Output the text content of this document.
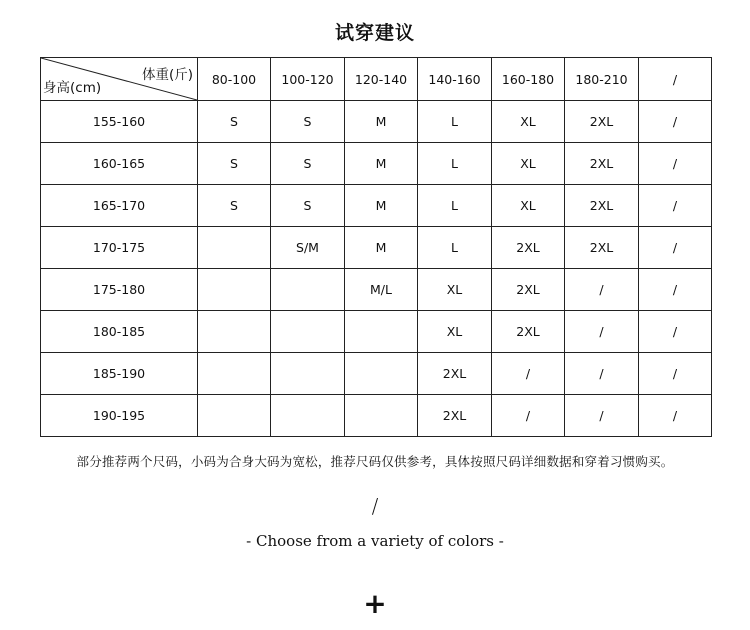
试穿建议
体重(斤)
身高(cm)	80-100	100-120	120-140	140-160	160-180	180-210	/
155-160	S	S	M	L	XL	2XL	/
160-165	S	S	M	L	XL	2XL	/
165-170	S	S	M	L	XL	2XL	/
170-175		S/M	M	L	2XL	2XL	/
175-180			M/L	XL	2XL	/	/
180-185				XL	2XL	/	/
185-190				2XL	/	/	/
190-195				2XL	/	/	/
部分推荐两个尺码，小码为合身大码为宽松，推荐尺码仅供参考，具体按照尺码详细数据和穿着习惯购买。
/
- Choose from a variety of colors -
+
